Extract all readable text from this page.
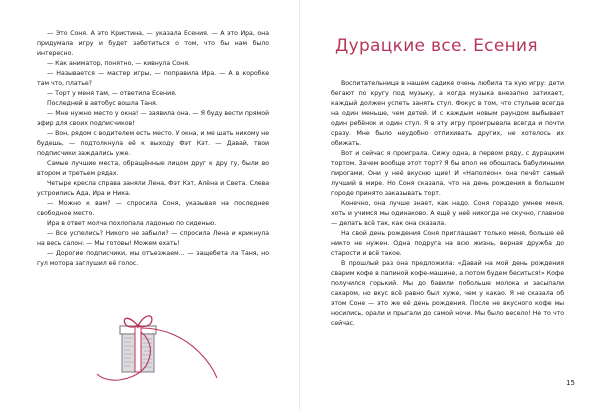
— Это Соня. А это Кристина, — указала Есения. — А это Ира, она придумала игру и будет заботиться о том, что бы нам было интересно.

— Как аниматор, понятно, — кивнула Соня.

— Называется — мастер игры, — поправила Ира. — А в коробке там что, платье?

— Торт у меня там, — ответила Есения.

Последней в автобус вошла Таня.

— Мне нужно место у окна! — заявила она. — Я буду вести прямой эфир для своих подписчиков!

— Вон, рядом с водителем есть место. У окна, и ме шать никому не будешь, — подтолкнула её к выходу Фэт Кэт. — Давай, твои подписчики заждались уже.

Самые лучшие места, обращённые лицом друг к дру гу, были во втором и третьем рядах.

Четыре кресла справа заняли Лена, Фэт Кэт, Алёна и Света. Слева устроились Ада, Ира и Ника.

— Можно к вам? — спросила Соня, указывая на последнее свободное место.

Ира в ответ молча похлопала ладонью по сиденью.

— Все успелись? Никого не забыли? — спросила Лена и крикнула на весь салон: — Мы готовы! Можем ехать!

— Дорогие подписчики, мы отъезжаем... — защебета ла Таня, но гул мотора заглушил её голос.

Дурацкие все. Есения

Воспитательница в нашем садике очень любила та кую игру: дети бегают по кругу под музыку, а когда музыка внезапно затихает, каждый должен успеть занять стул. Фокус в том, что стульев всегда на один меньше, чем детей. И с каждым новым раундом выбывает один ребёнок и один стул. Я в эту игру проигрывала всегда и почти сразу. Мне было неудобно отпихивать других, не хотелось их обижать.

Вот и сейчас я проиграла. Сижу одна, в первом ряду, с дурацким тортом. Зачем вообще этот торт? Я бы впол не обошлась бабулиными пирогами. Они у неё вкусню щие! И «Наполеон» она печёт самый лучший в мире. Но Соня сказала, что на день рождения в большом городе принято заказывать торт.

Конечно, она лучше знает, как надо. Соня гораздо умнее меня, хоть и учимся мы одинаково. А ещё у неё никогда не скучно, главное — делать всё так, как она сказала.

На свой день рождения Соня приглашает только меня, больше её никто не нужен. Одна подруга на всю жизнь, верная дружба до старости и всё такое.

В прошлый раз она предложила: «Давай на мой день рождения сварим кофе в папиной кофе-машине, а потом будем беситься!» Кофе получился горький. Мы до бавили побольше молока и засыпали сахаром, но вкус всё равно был хуже, чем у какао. Я не сказала об этом Соне — это же её день рождения. После не вкусного кофе мы носились, орали и прыгали до самой ночи. Мы было весело! Не то что сейчас.

15
